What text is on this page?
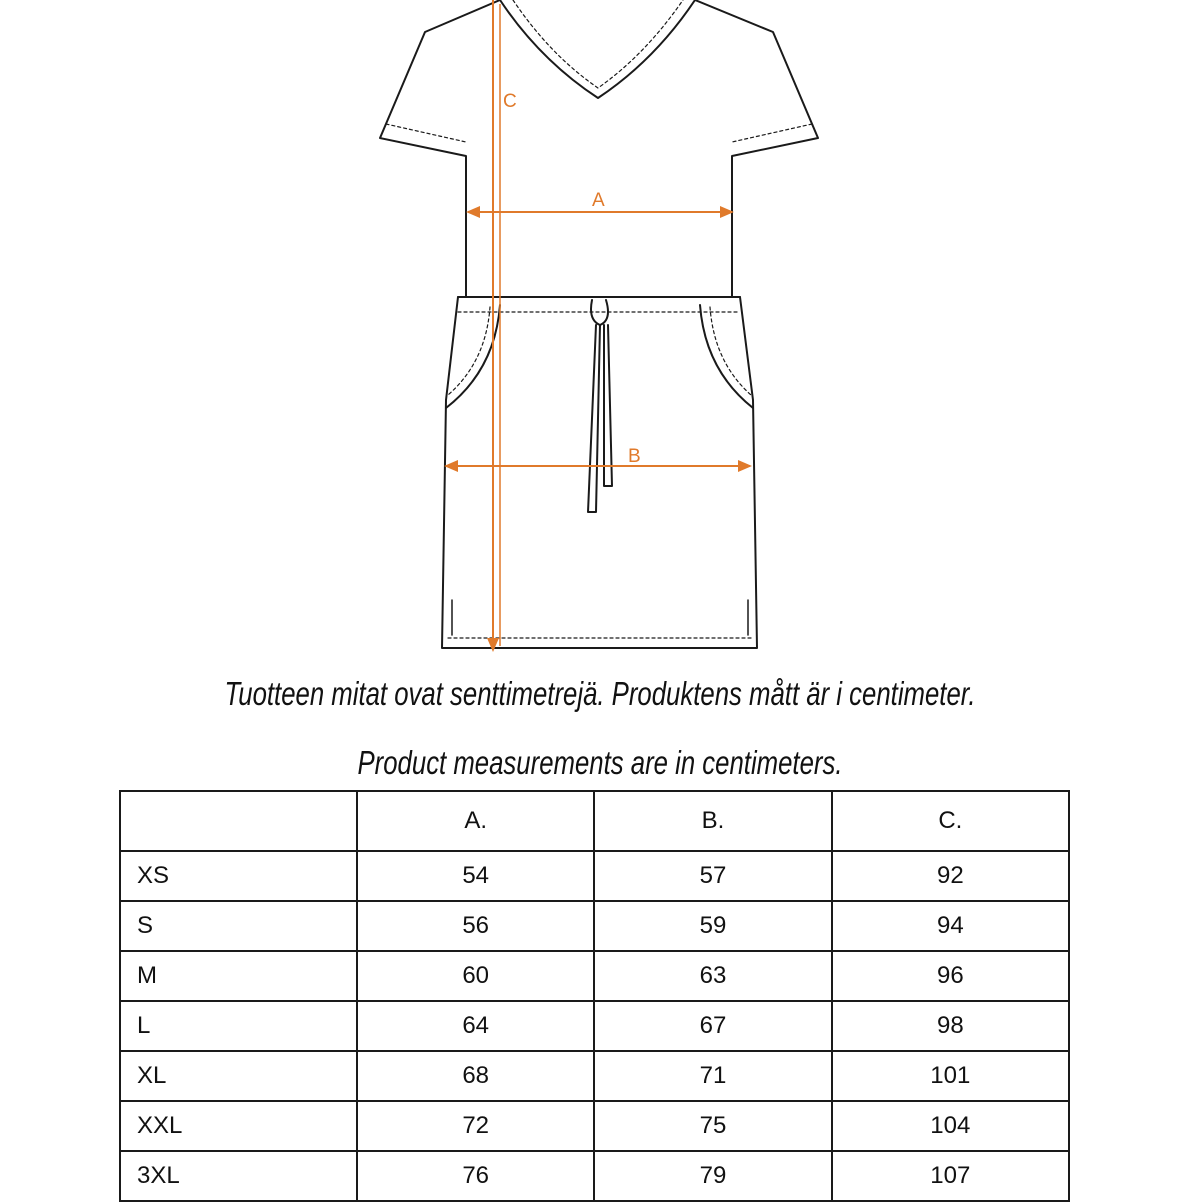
C
A
B
Tuotteen mitat ovat senttimetrejä. Produktens mått är i centimeter.
Product measurements are in centimeters.
	A.	B.	C.
XS	54	57	92
S	56	59	94
M	60	63	96
L	64	67	98
XL	68	71	101
XXL	72	75	104
3XL	76	79	107
